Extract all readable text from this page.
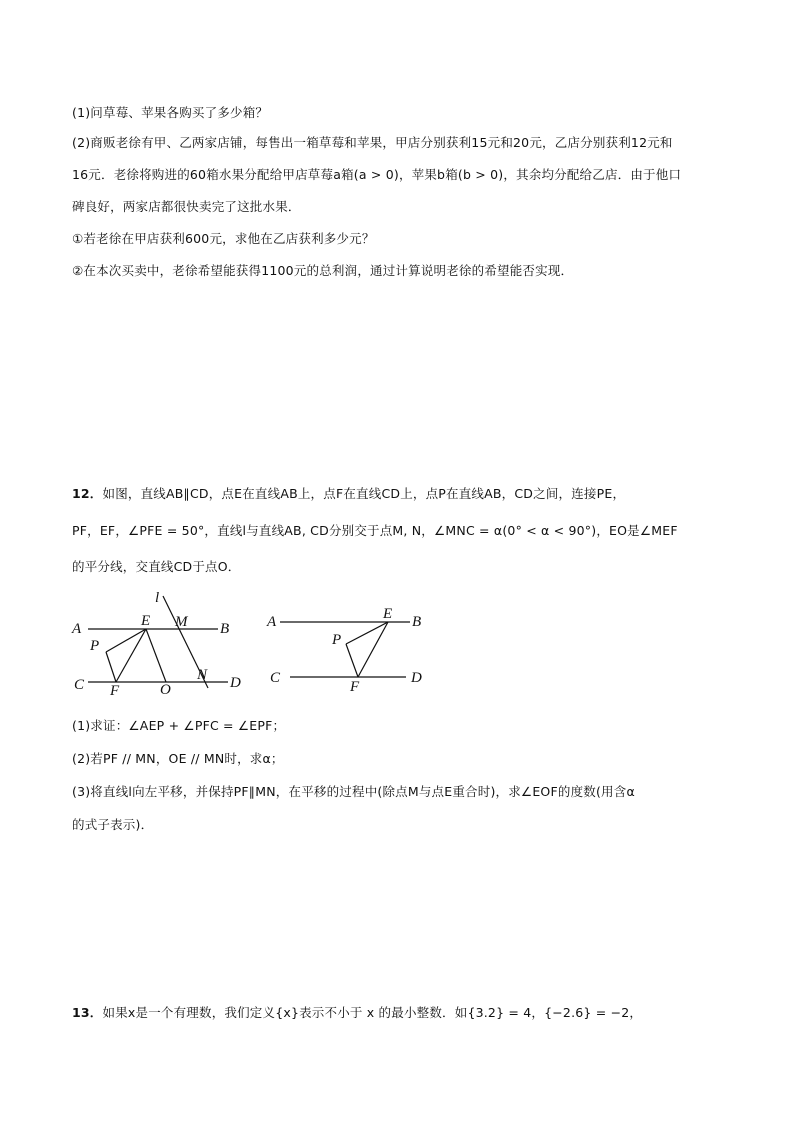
(1)问草莓、苹果各购买了多少箱？
(2)商贩老徐有甲、乙两家店铺，每售出一箱草莓和苹果，甲店分别获利15元和20元，乙店分别获利12元和
16元．老徐将购进的60箱水果分配给甲店草莓a箱(a > 0)，苹果b箱(b > 0)，其余均分配给乙店．由于他口
碑良好，两家店都很快卖完了这批水果．
①若老徐在甲店获利600元，求他在乙店获利多少元？
②在本次买卖中，老徐希望能获得1100元的总利润，通过计算说明老徐的希望能否实现．
12．如图，直线AB∥CD，点E在直线AB上，点F在直线CD上，点P在直线AB，CD之间，连接PE，
PF，EF，∠PFE = 50°，直线l与直线AB, CD分别交于点M, N，∠MNC = α(0° < α < 90°)，EO是∠MEF
的平分线，交直线CD于点O．
l
A	E M B
P
N
C F	O	D
A	E B
P
C
F
D
(1)求证：∠AEP + ∠PFC = ∠EPF；
(2)若PF // MN，OE // MN时，求α；
(3)将直线l向左平移，并保持PF∥MN，在平移的过程中(除点M与点E重合时)，求∠EOF的度数(用含α
的式子表示)．
13．如果x是一个有理数，我们定义{x}表示不小于 x 的最小整数．如{3.2} = 4，{−2.6} = −2，
